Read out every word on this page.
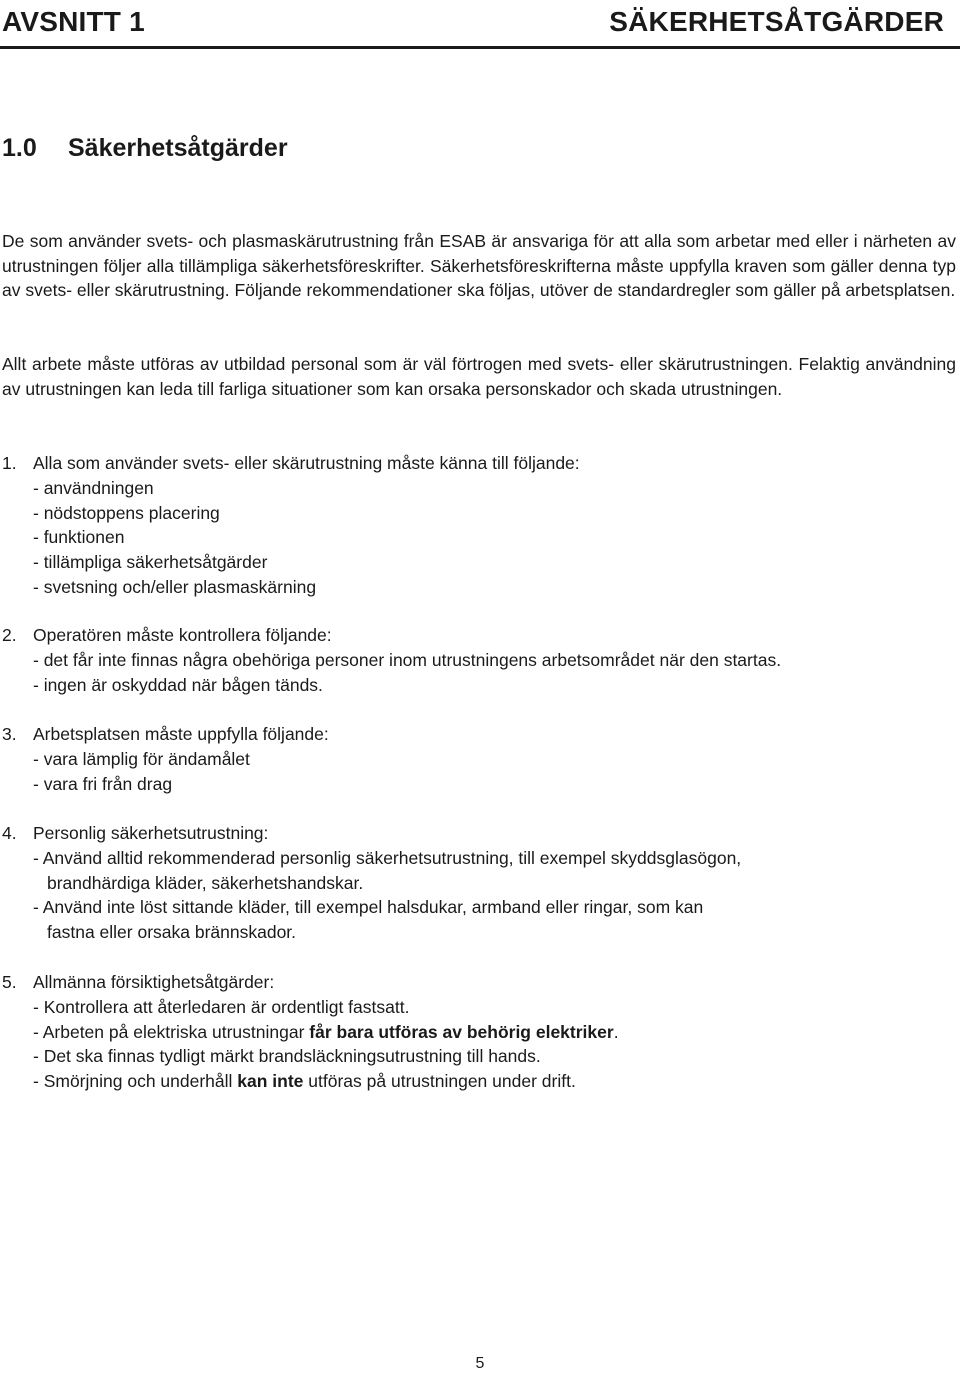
AVSNITT 1	SÄKERHETSÅTGÄRDER
1.0 Säkerhetsåtgärder

De som använder svets- och plasmaskärutrustning från ESAB är ansvariga för att alla som arbetar med eller i närheten av utrustningen följer alla tillämpliga säkerhetsföreskrifter. Säkerhetsföreskrifterna måste uppfylla kraven som gäller denna typ av svets- eller skärutrustning. Följande rekommendationer ska följas, utöver de standardregler som gäller på arbetsplatsen.

Allt arbete måste utföras av utbildad personal som är väl förtrogen med svets- eller skärutrustningen. Felaktig användning av utrustningen kan leda till farliga situationer som kan orsaka personskador och skada utrustningen.

1. Alla som använder svets- eller skärutrustning måste känna till följande:
- användningen
- nödstoppens placering
- funktionen
- tillämpliga säkerhetsåtgärder
- svetsning och/eller plasmaskärning
2. Operatören måste kontrollera följande:
- det får inte finnas några obehöriga personer inom utrustningens arbetsområdet när den startas.
- ingen är oskyddad när bågen tänds.
3. Arbetsplatsen måste uppfylla följande:
- vara lämplig för ändamålet
- vara fri från drag
4. Personlig säkerhetsutrustning:
- Använd alltid rekommenderad personlig säkerhetsutrustning, till exempel skyddsglasögon,
brandhärdiga kläder, säkerhetshandskar.
- Använd inte löst sittande kläder, till exempel halsdukar, armband eller ringar, som kan
fastna eller orsaka brännskador.
5. Allmänna försiktighetsåtgärder:
- Kontrollera att återledaren är ordentligt fastsatt.
- Arbeten på elektriska utrustningar får bara utföras av behörig elektriker.
- Det ska finnas tydligt märkt brandsläckningsutrustning till hands.
- Smörjning och underhåll kan inte utföras på utrustningen under drift.
5
